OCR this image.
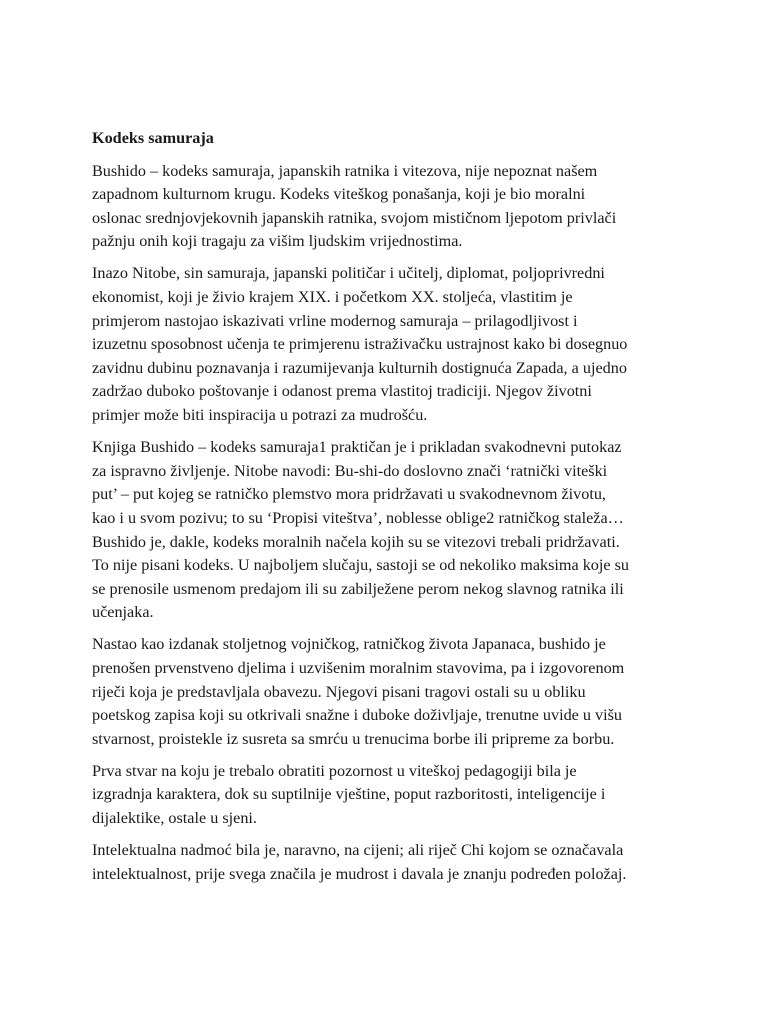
Kodeks samuraja
Bushido – kodeks samuraja, japanskih ratnika i vitezova, nije nepoznat našem
zapadnom kulturnom krugu. Kodeks viteškog ponašanja, koji je bio moralni
oslonac srednjovjekovnih japanskih ratnika, svojom mističnom ljepotom privlači
pažnju onih koji tragaju za višim ljudskim vrijednostima.
Inazo Nitobe, sin samuraja, japanski političar i učitelj, diplomat, poljoprivredni
ekonomist, koji je živio krajem XIX. i početkom XX. stoljeća, vlastitim je
primjerom nastojao iskazivati vrline modernog samuraja – prilagodljivost i
izuzetnu sposobnost učenja te primjerenu istraživačku ustrajnost kako bi dosegnuo
zavidnu dubinu poznavanja i razumijevanja kulturnih dostignuća Zapada, a ujedno
zadržao duboko poštovanje i odanost prema vlastitoj tradiciji. Njegov životni
primjer može biti inspiracija u potrazi za mudrošću.
Knjiga Bushido – kodeks samuraja1 praktičan je i prikladan svakodnevni putokaz
za ispravno življenje. Nitobe navodi: Bu-shi-do doslovno znači ‘ratnički viteški
put’ – put kojeg se ratničko plemstvo mora pridržavati u svakodnevnom životu,
kao i u svom pozivu; to su ‘Propisi viteštva’, noblesse oblige2 ratničkog staleža…
Bushido je, dakle, kodeks moralnih načela kojih su se vitezovi trebali pridržavati.
To nije pisani kodeks. U najboljem slučaju, sastoji se od nekoliko maksima koje su
se prenosile usmenom predajom ili su zabilježene perom nekog slavnog ratnika ili
učenjaka.
Nastao kao izdanak stoljetnog vojničkog, ratničkog života Japanaca, bushido je
prenošen prvenstveno djelima i uzvišenim moralnim stavovima, pa i izgovorenom
riječi koja je predstavljala obavezu. Njegovi pisani tragovi ostali su u obliku
poetskog zapisa koji su otkrivali snažne i duboke doživljaje, trenutne uvide u višu
stvarnost, proistekle iz susreta sa smrću u trenucima borbe ili pripreme za borbu.
Prva stvar na koju je trebalo obratiti pozornost u viteškoj pedagogiji bila je
izgradnja karaktera, dok su suptilnije vještine, poput razboritosti, inteligencije i
dijalektike, ostale u sjeni.
Intelektualna nadmoć bila je, naravno, na cijeni; ali riječ Chi kojom se označavala
intelektualnost, prije svega značila je mudrost i davala je znanju podređen položaj.
